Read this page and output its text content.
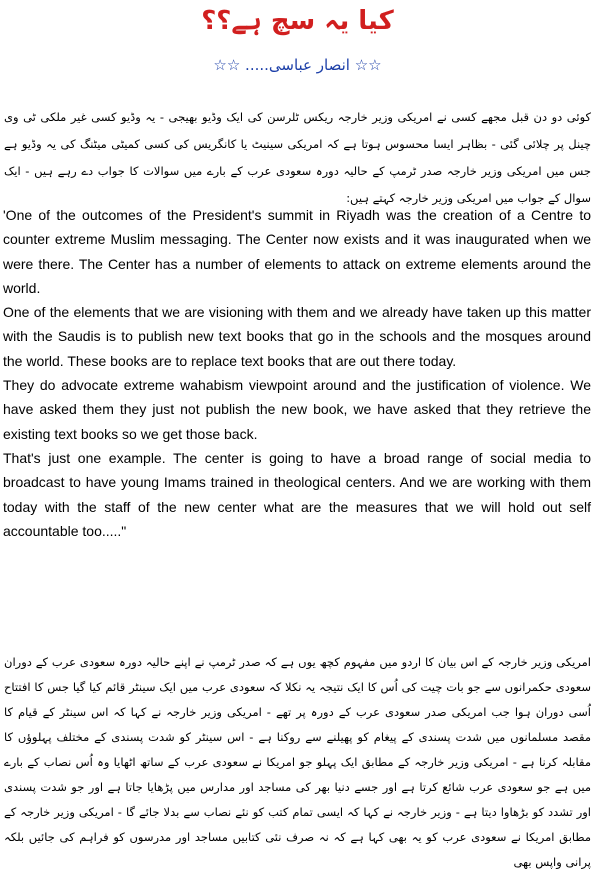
کیا یہ سچ ہے؟؟
☆☆ انصار عباسی..... ☆☆
کوئی دو دن قبل مجھے کسی نے امریکی وزیر خارجہ ریکس ٹلرسن کی ایک وڈیو بھیجی - یہ وڈیو کسی غیر ملکی ٹی وی چینل پر چلائی گئی - بظاہر ایسا محسوس ہوتا ہے کہ امریکی سینیٹ یا کانگریس کی کسی کمیٹی میٹنگ کی یہ وڈیو ہے جس میں امریکی وزیر خارجہ صدر ٹرمپ کے حالیہ دورہ سعودی عرب کے بارے میں سوالات کا جواب دے رہے ہیں - ایک سوال کے جواب میں امریکی وزیر خارجہ کہتے ہیں:

'One of the outcomes of the President's summit in Riyadh was the creation of a Centre to counter extreme Muslim messaging. The Center now exists and it was inaugurated when we were there. The Center has a number of elements to attack on extreme elements around the world.

One of the elements that we are visioning with them and we already have taken up this matter with the Saudis is to publish new text books that go in the schools and the mosques around the world. These books are to replace text books that are out there today.

They do advocate extreme wahabism viewpoint around and the justification of violence. We have asked them they just not publish the new book, we have asked that they retrieve the existing text books so we get those back.

That's just one example. The center is going to have a broad range of social media to broadcast to have young Imams trained in theological centers. And we are working with them today with the staff of the new center what are the measures that we will hold out self accountable too....."

امریکی وزیر خارجہ کے اس بیان کا اردو میں مفہوم کچھ یوں ہے کہ صدر ٹرمپ نے اپنے حالیہ دورہ سعودی عرب کے دوران سعودی حکمرانوں سے جو بات چیت کی اُس کا ایک نتیجہ یہ نکلا کہ سعودی عرب میں ایک سینٹر قائم کیا گیا جس کا افتتاح اُسی دوران ہوا جب امریکی صدر سعودی عرب کے دورہ پر تھے - امریکی وزیر خارجہ نے کہا کہ اس سینٹر کے قیام کا مقصد مسلمانوں میں شدت پسندی کے پیغام کو پھیلنے سے روکنا ہے - اس سینٹر کو شدت پسندی کے مختلف پہلوؤں کا مقابلہ کرنا ہے - امریکی وزیر خارجہ کے مطابق ایک پہلو جو امریکا نے سعودی عرب کے ساتھ اٹھایا وہ اُس نصاب کے بارے میں ہے جو سعودی عرب شائع کرتا ہے اور جسے دنیا بھر کی مساجد اور مدارس میں پڑھایا جاتا ہے اور جو شدت پسندی اور تشدد کو بڑھاوا دیتا ہے - وزیر خارجہ نے کہا کہ ایسی تمام کتب کو نئے نصاب سے بدلا جائے گا - امریکی وزیر خارجہ کے مطابق امریکا نے سعودی عرب کو یہ بھی کہا ہے کہ نہ صرف نئی کتابیں مساجد اور مدرسوں کو فراہم کی جائیں بلکہ پرانی واپس بھی
